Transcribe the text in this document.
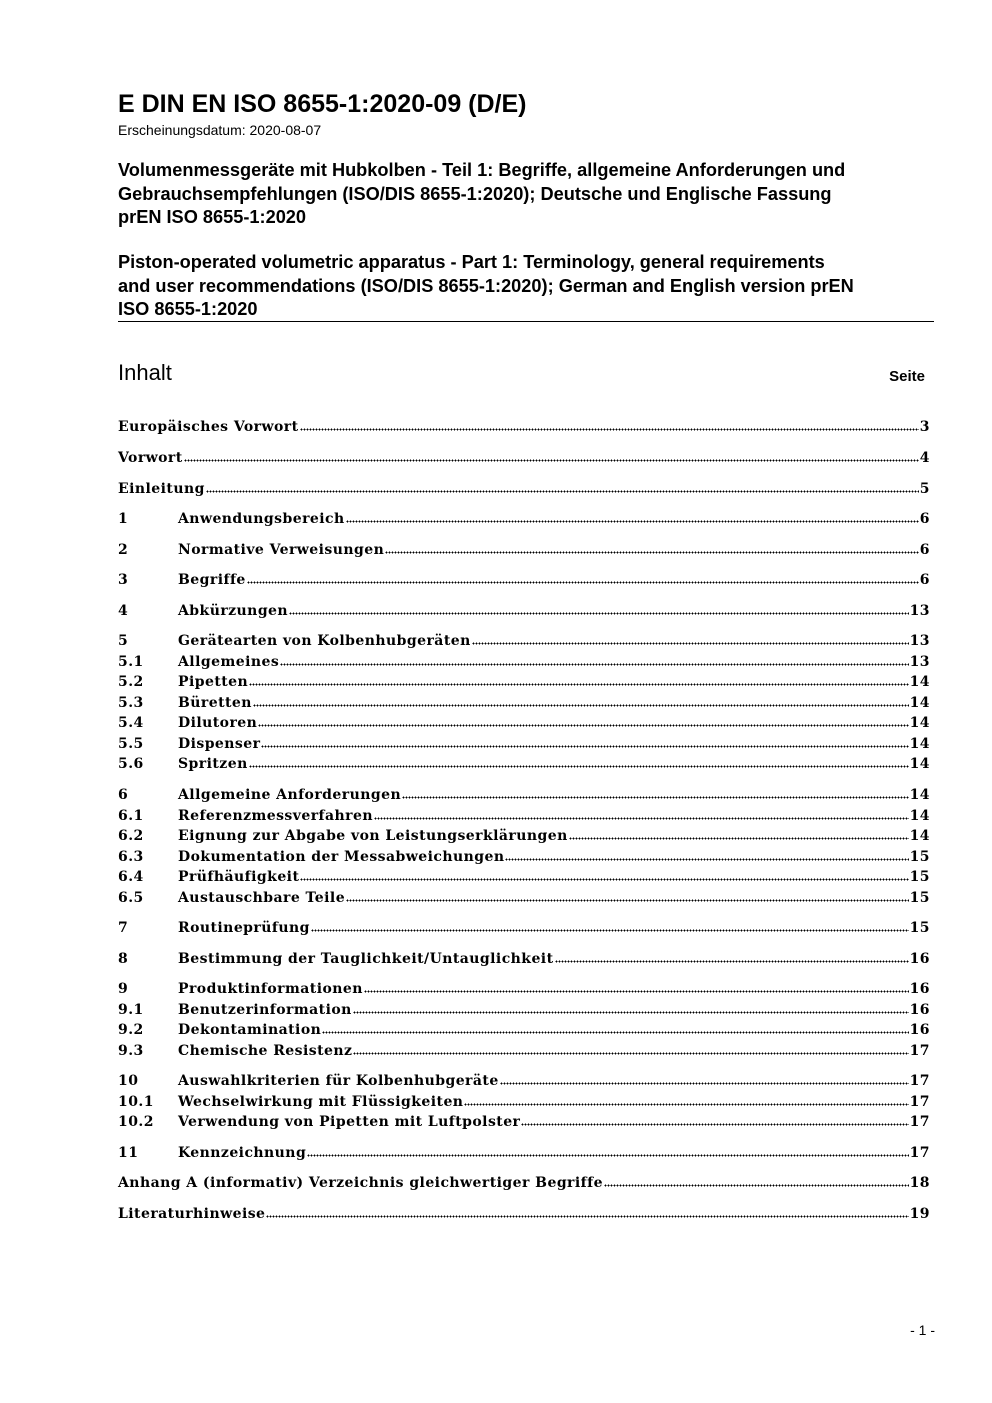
E DIN EN ISO 8655-1:2020-09 (D/E)
Erscheinungsdatum: 2020-08-07
Volumenmessgeräte mit Hubkolben - Teil 1: Begriffe, allgemeine Anforderungen und
Gebrauchsempfehlungen (ISO/DIS 8655-1:2020); Deutsche und Englische Fassung
prEN ISO 8655-1:2020
Piston-operated volumetric apparatus - Part 1: Terminology, general requirements
and user recommendations (ISO/DIS 8655-1:2020); German and English version prEN
ISO 8655-1:2020
Inhalt	Seite
Europäisches Vorwort	3
Vorwort	4
Einleitung	5
1	Anwendungsbereich	6
2	Normative Verweisungen	6
3	Begriffe	6
4	Abkürzungen	13
5	Gerätearten von Kolbenhubgeräten	13
5.1	Allgemeines	13
5.2	Pipetten	14
5.3	Büretten	14
5.4	Dilutoren	14
5.5	Dispenser	14
5.6	Spritzen	14
6	Allgemeine Anforderungen	14
6.1	Referenzmessverfahren	14
6.2	Eignung zur Abgabe von Leistungserklärungen	14
6.3	Dokumentation der Messabweichungen	15
6.4	Prüfhäufigkeit	15
6.5	Austauschbare Teile	15
7	Routineprüfung	15
8	Bestimmung der Tauglichkeit/Untauglichkeit	16
9	Produktinformationen	16
9.1	Benutzerinformation	16
9.2	Dekontamination	16
9.3	Chemische Resistenz	17
10	Auswahlkriterien für Kolbenhubgeräte	17
10.1	Wechselwirkung mit Flüssigkeiten	17
10.2	Verwendung von Pipetten mit Luftpolster	17
11	Kennzeichnung	17
Anhang A (informativ) Verzeichnis gleichwertiger Begriffe	18
Literaturhinweise	19
- 1 -
